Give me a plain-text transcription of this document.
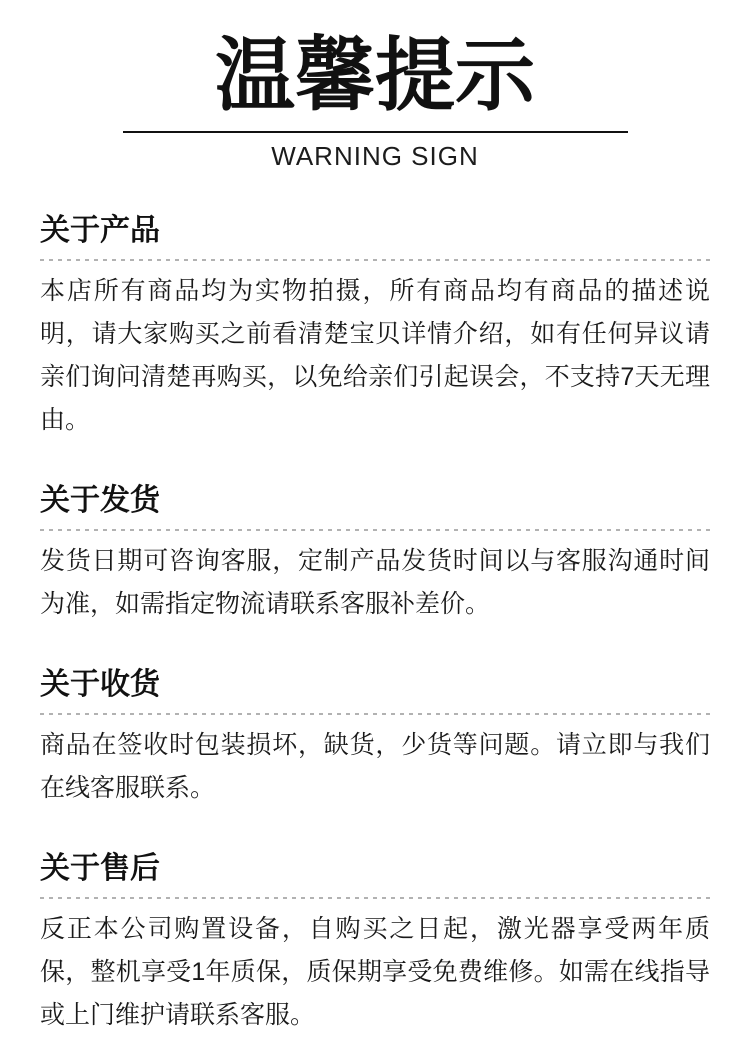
温馨提示
WARNING SIGN
关于产品

本店所有商品均为实物拍摄，所有商品均有商品的描述说明，请大家购买之前看清楚宝贝详情介绍，如有任何异议请亲们询问清楚再购买，以免给亲们引起误会，不支持7天无理由。

关于发货

发货日期可咨询客服，定制产品发货时间以与客服沟通时间为准，如需指定物流请联系客服补差价。

关于收货

商品在签收时包装损坏，缺货，少货等问题。请立即与我们在线客服联系。

关于售后

反正本公司购置设备，自购买之日起，激光器享受两年质保，整机享受1年质保，质保期享受免费维修。如需在线指导或上门维护请联系客服。
